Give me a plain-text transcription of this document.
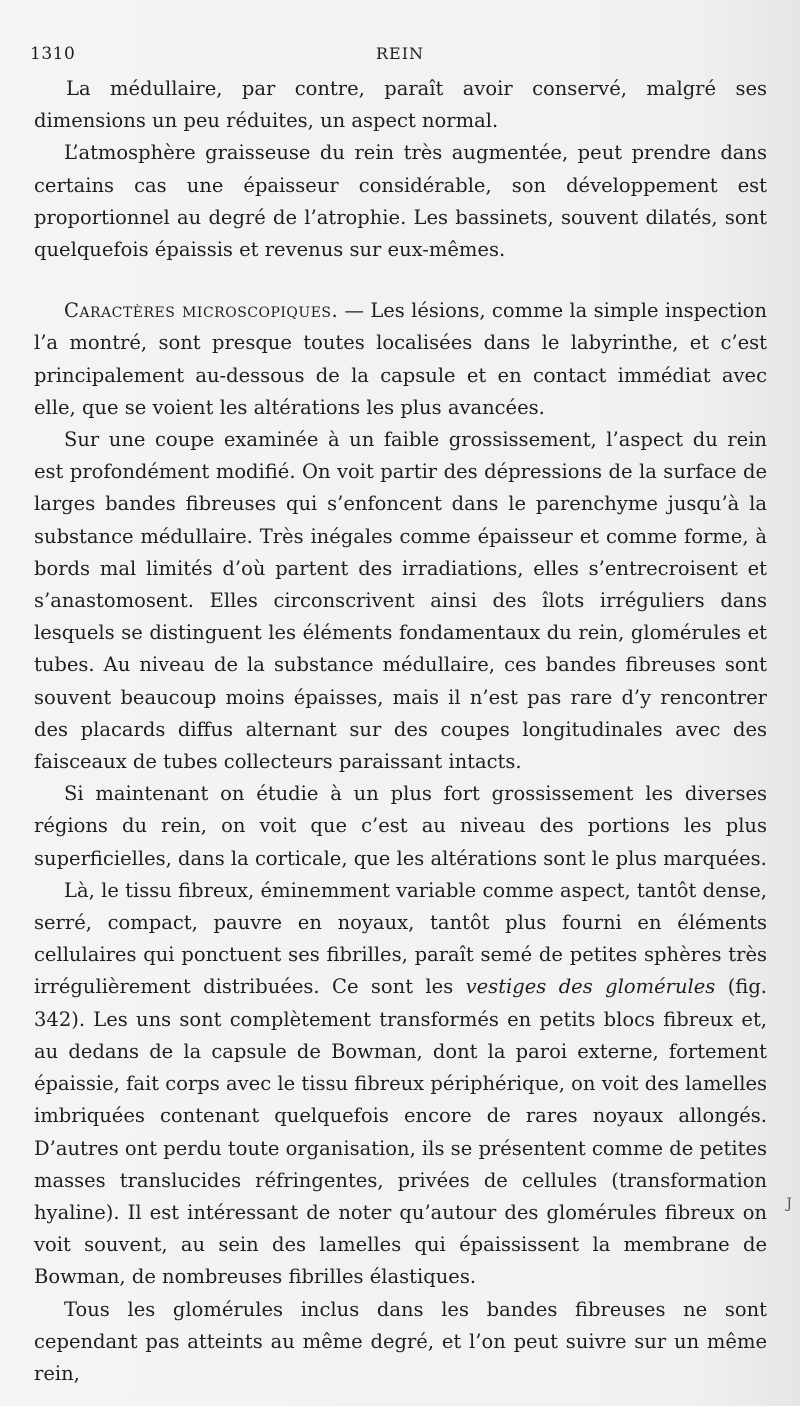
1310	REIN

La médullaire, par contre, paraît avoir conservé, malgré ses dimensions un peu réduites, un aspect normal.

L’atmosphère graisseuse du rein très augmentée, peut prendre dans certains cas une épaisseur considérable, son développement est proportionnel au degré de l’atrophie. Les bassinets, souvent dilatés, sont quelquefois épaissis et revenus sur eux-mêmes.

Caractères microscopiques. — Les lésions, comme la simple inspection l’a montré, sont presque toutes localisées dans le labyrinthe, et c’est principalement au-dessous de la capsule et en contact immédiat avec elle, que se voient les altérations les plus avancées.

Sur une coupe examinée à un faible grossissement, l’aspect du rein est profondément modifié. On voit partir des dépressions de la surface de larges bandes fibreuses qui s’enfoncent dans le parenchyme jusqu’à la substance médullaire. Très inégales comme épaisseur et comme forme, à bords mal limités d’où partent des irradiations, elles s’entrecroisent et s’anastomosent. Elles circonscrivent ainsi des îlots irréguliers dans lesquels se distinguent les éléments fondamentaux du rein, glomérules et tubes. Au niveau de la substance médullaire, ces bandes fibreuses sont souvent beaucoup moins épaisses, mais il n’est pas rare d’y rencontrer des placards diffus alternant sur des coupes longitudinales avec des faisceaux de tubes collecteurs paraissant intacts.

Si maintenant on étudie à un plus fort grossissement les diverses régions du rein, on voit que c’est au niveau des portions les plus superficielles, dans la corticale, que les altérations sont le plus marquées.

Là, le tissu fibreux, éminemment variable comme aspect, tantôt dense, serré, compact, pauvre en noyaux, tantôt plus fourni en éléments cellulaires qui ponctuent ses fibrilles, paraît semé de petites sphères très irrégulièrement distribuées. Ce sont les vestiges des glomérules (fig. 342). Les uns sont complètement transformés en petits blocs fibreux et, au dedans de la capsule de Bowman, dont la paroi externe, fortement épaissie, fait corps avec le tissu fibreux périphérique, on voit des lamelles imbriquées contenant quelquefois encore de rares noyaux allongés. D’autres ont perdu toute organisation, ils se présentent comme de petites masses translucides réfringentes, privées de cellules (transformation hyaline). Il est intéressant de noter qu’autour des glomérules fibreux on voit souvent, au sein des lamelles qui épaississent la membrane de Bowman, de nombreuses fibrilles élastiques.

Tous les glomérules inclus dans les bandes fibreuses ne sont cependant pas atteints au même degré, et l’on peut suivre sur un même rein,

J
